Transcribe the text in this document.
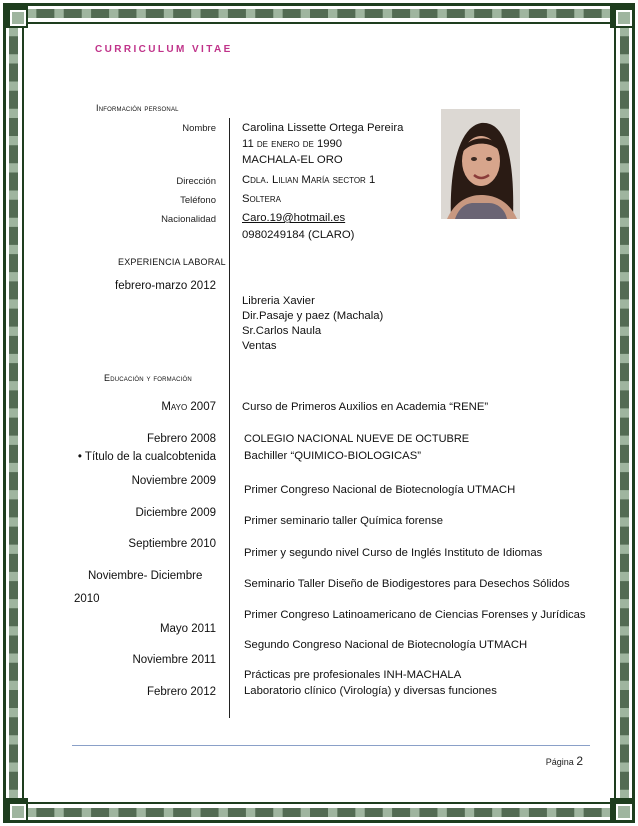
CURRICULUM VITAE
Información personal
Nombre
Dirección
Teléfono
Nacionalidad
Carolina Lissette Ortega Pereira
11 de enero de 1990
MACHALA-EL ORO
Cdla. Lilian María sector 1
Soltera
Caro.19@hotmail.es
0980249184 (CLARO)
EXPERIENCIA LABORAL
febrero-marzo 2012
Libreria Xavier
Dir.Pasaje y paez (Machala)
Sr.Carlos Naula
Ventas
Educación y formación
Mayo 2007 Curso de Primeros Auxilios en Academia “RENE”
Febrero 2008	COLEGIO NACIONAL NUEVE DE OCTUBRE
• Título de la cualcobtenida Bachiller “QUIMICO-BIOLOGICAS”
Noviembre 2009
Primer Congreso Nacional de Biotecnología UTMACH
Diciembre 2009
Primer seminario taller Química forense
Septiembre 2010
Primer y segundo nivel Curso de Inglés Instituto de Idiomas
Noviembre- Diciembre
Seminario Taller Diseño de Biodigestores para Desechos Sólidos
2010
Primer Congreso Latinoamericano de Ciencias Forenses y Jurídicas
Mayo 2011
Segundo Congreso Nacional de Biotecnología UTMACH
Noviembre 2011
Prácticas pre profesionales INH-MACHALA
Febrero 2012 Laboratorio clínico (Virología) y diversas funciones
Página 2
